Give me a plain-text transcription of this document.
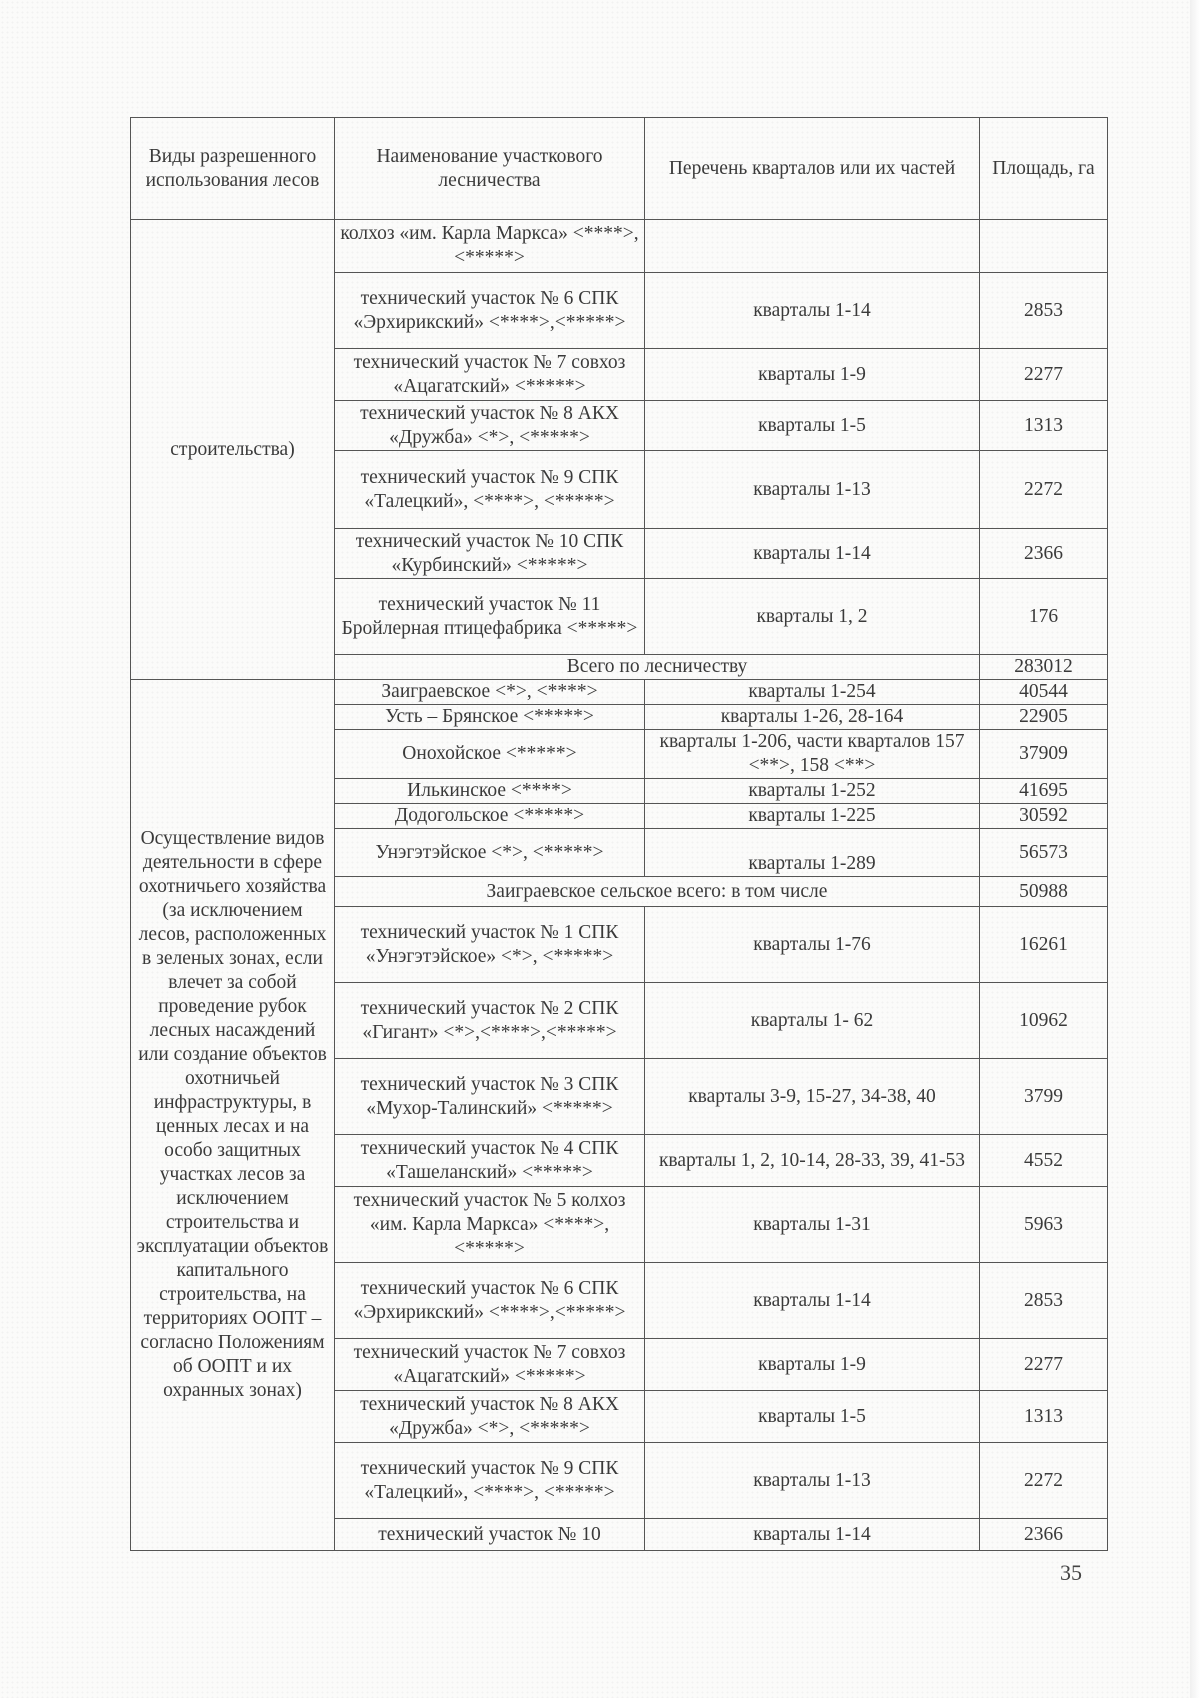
Виды разрешенного использования лесов	Наименование участкового лесничества	Перечень кварталов или их частей	Площадь, га
строительства)	колхоз «им. Карла Маркса» <****>, <*****>		
	технический участок № 6 СПК «Эрхирикский» <****>,<*****>	кварталы 1-14	2853
	технический участок № 7 совхоз «Ацагатский» <*****>	кварталы 1-9	2277
	технический участок № 8 АКХ «Дружба» <*>, <*****>	кварталы 1-5	1313
	технический участок № 9 СПК «Талецкий», <****>, <*****>	кварталы 1-13	2272
	технический участок № 10 СПК «Курбинский» <*****>	кварталы 1-14	2366
	технический участок № 11 Бройлерная птицефабрика <*****>	кварталы 1, 2	176
	Всего по лесничеству		283012
Осуществление видов деятельности в сфере охотничьего хозяйства (за исключением лесов, расположенных в зеленых зонах, если влечет за собой проведение рубок лесных насаждений или создание объектов охотничьей инфраструктуры, в ценных лесах и на особо защитных участках лесов за исключением строительства и эксплуатации объектов капитального строительства, на территориях ООПТ – согласно Положениям об ООПТ и их охранных зонах)	Заиграевское <*>, <****>	кварталы 1-254	40544
	Усть – Брянское <*****>	кварталы 1-26, 28-164	22905
	Онохойское <*****>	кварталы 1-206, части кварталов 157 <**>, 158 <**>	37909
	Илькинское <****>	кварталы 1-252	41695
	Додогольское <*****>	кварталы 1-225	30592
	Унэгэтэйское <*>, <*****>	кварталы 1-289	56573
	Заиграевское сельское всего: в том числе		50988
	технический участок № 1 СПК «Унэгэтэйское» <*>, <*****>	кварталы 1-76	16261
	технический участок № 2 СПК «Гигант» <*>,<****>,<*****>	кварталы 1- 62	10962
	технический участок № 3 СПК «Мухор-Талинский» <*****>	кварталы 3-9, 15-27, 34-38, 40	3799
	технический участок № 4 СПК «Ташеланский» <*****>	кварталы 1, 2, 10-14, 28-33, 39, 41-53	4552
	технический участок № 5 колхоз «им. Карла Маркса» <****>, <*****>	кварталы 1-31	5963
	технический участок № 6 СПК «Эрхирикский» <****>,<*****>	кварталы 1-14	2853
	технический участок № 7 совхоз «Ацагатский» <*****>	кварталы 1-9	2277
	технический участок № 8 АКХ «Дружба» <*>, <*****>	кварталы 1-5	1313
	технический участок № 9 СПК «Талецкий», <****>, <*****>	кварталы 1-13	2272
	технический участок № 10	кварталы 1-14	2366
35
